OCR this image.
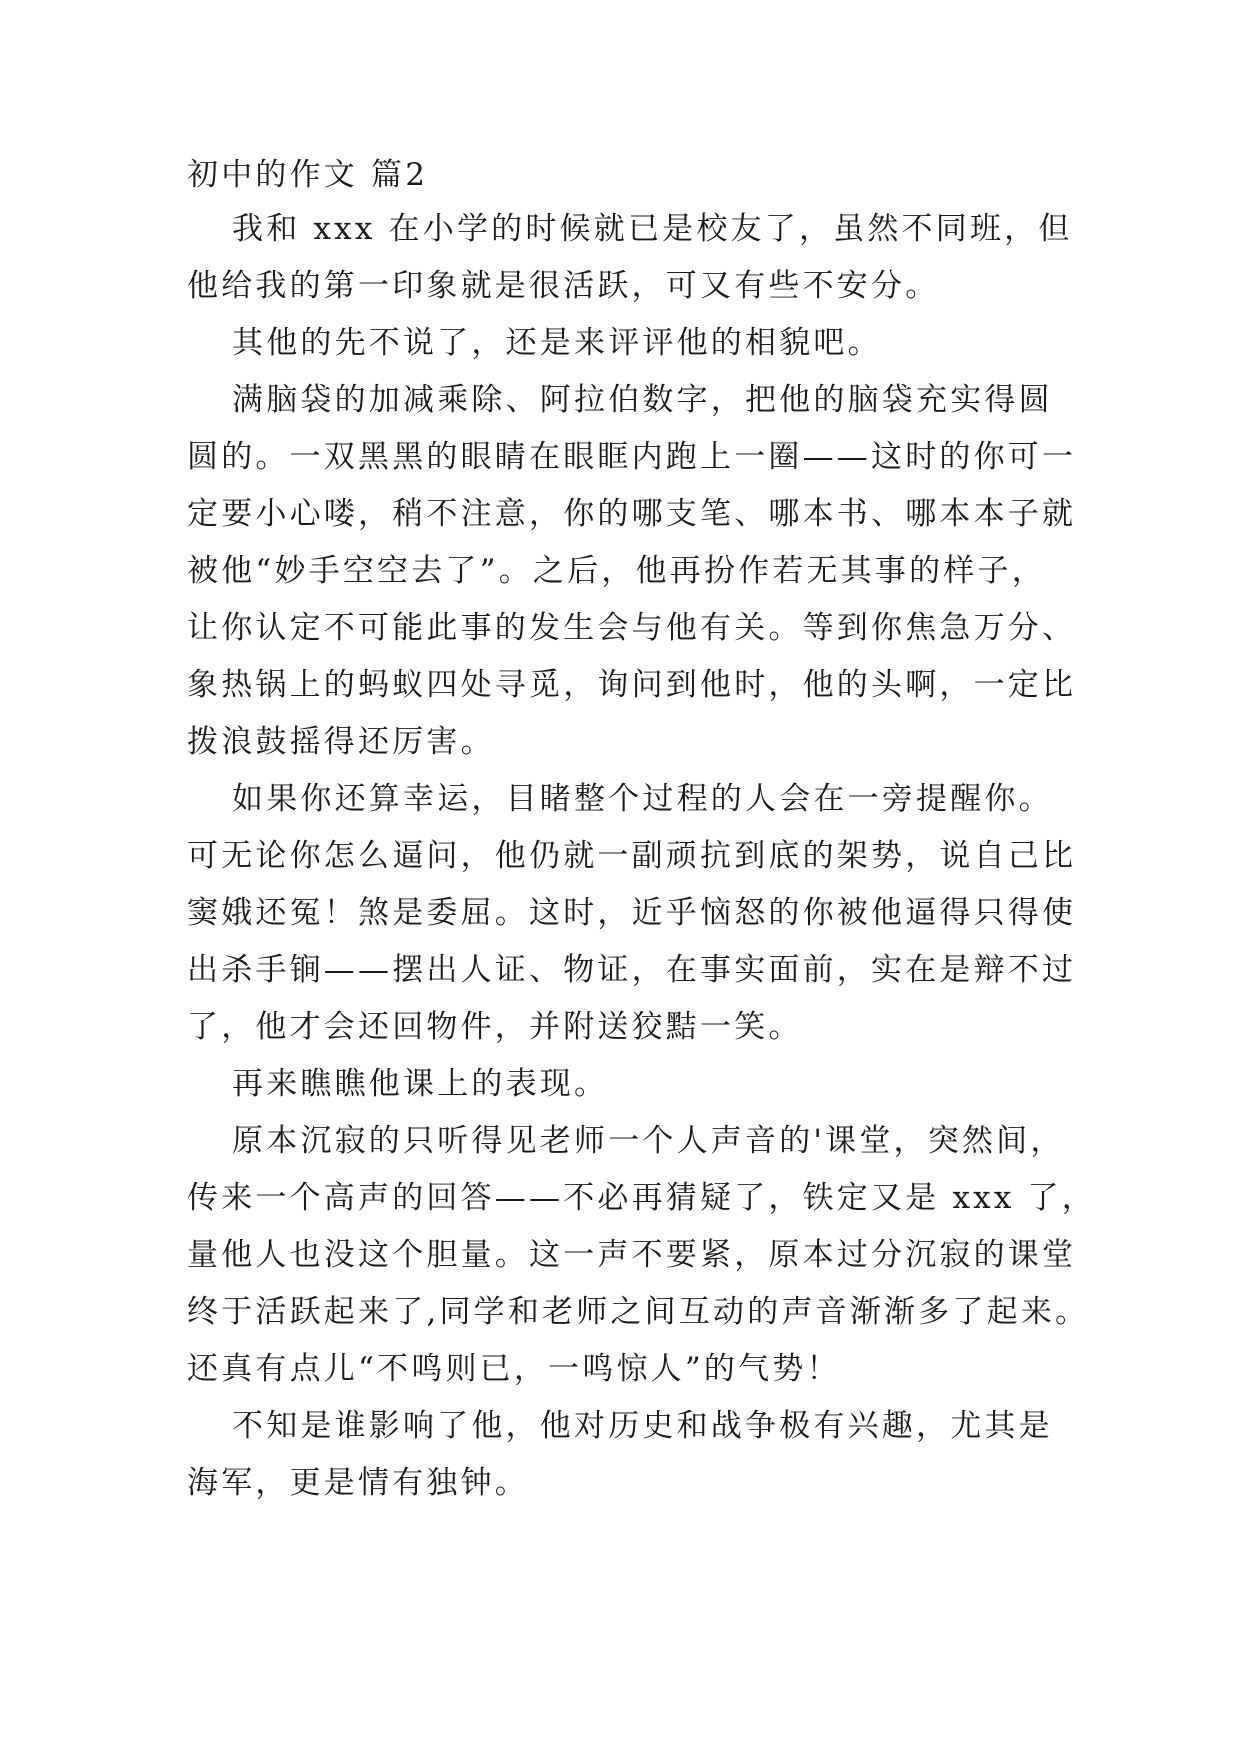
初中的作文 篇2
我和 xxx 在小学的时候就已是校友了，虽然不同班，但
他给我的第一印象就是很活跃，可又有些不安分。
其他的先不说了，还是来评评他的相貌吧。
满脑袋的加减乘除、阿拉伯数字，把他的脑袋充实得圆
圆的。一双黑黑的眼睛在眼眶内跑上一圈——这时的你可一
定要小心喽，稍不注意，你的哪支笔、哪本书、哪本本子就
被他“妙手空空去了”。之后，他再扮作若无其事的样子，
让你认定不可能此事的发生会与他有关。等到你焦急万分、
象热锅上的蚂蚁四处寻觅，询问到他时，他的头啊，一定比
拨浪鼓摇得还厉害。
如果你还算幸运，目睹整个过程的人会在一旁提醒你。
可无论你怎么逼问，他仍就一副顽抗到底的架势，说自己比
窦娥还冤！煞是委屈。这时，近乎恼怒的你被他逼得只得使
出杀手锏——摆出人证、物证，在事实面前，实在是辩不过
了，他才会还回物件，并附送狡黠一笑。
再来瞧瞧他课上的表现。
原本沉寂的只听得见老师一个人声音的'课堂，突然间，
传来一个高声的回答——不必再猜疑了，铁定又是 xxx 了，
量他人也没这个胆量。这一声不要紧，原本过分沉寂的课堂
终于活跃起来了,同学和老师之间互动的声音渐渐多了起来。
还真有点儿“不鸣则已，一鸣惊人”的气势！
不知是谁影响了他，他对历史和战争极有兴趣，尤其是
海军，更是情有独钟。
